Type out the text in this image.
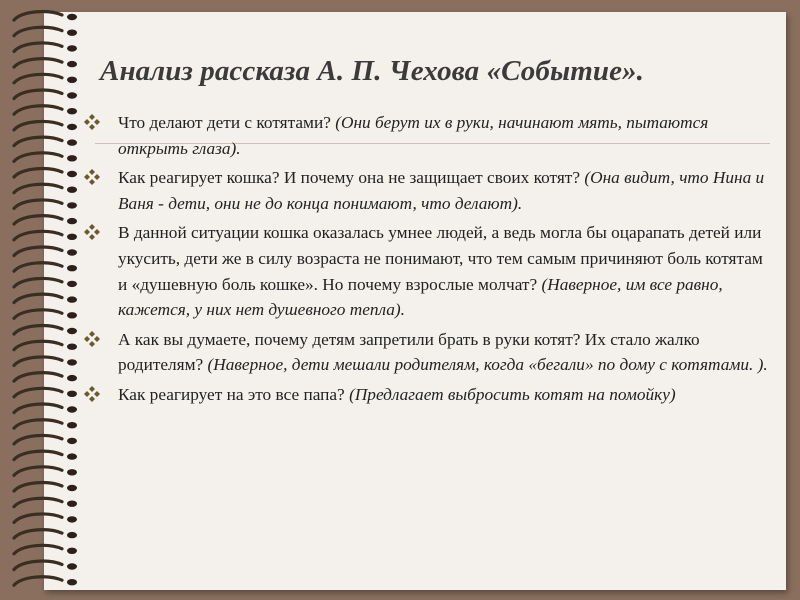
Анализ рассказа А. П. Чехова «Событие».
Что делают дети с котятами? (Они берут их в руки, начинают мять, пытаются открыть глаза).
Как реагирует кошка? И почему она не защищает своих котят? (Она видит, что Нина и Ваня - дети, они не до конца понимают, что делают).
В данной ситуации кошка оказалась умнее людей, а ведь могла бы оцарапать детей или укусить, дети же в силу возраста не понимают, что тем самым причиняют боль котятам и «душевную боль кошке». Но почему взрослые молчат? (Наверное, им все равно, кажется, у них нет душевного тепла).
А как вы думаете, почему детям запретили брать в руки котят? Их стало жалко родителям? (Наверное, дети мешали родителям, когда «бегали» по дому с котятами. ).
Как реагирует на это все папа? (Предлагает выбросить котят на помойку)
